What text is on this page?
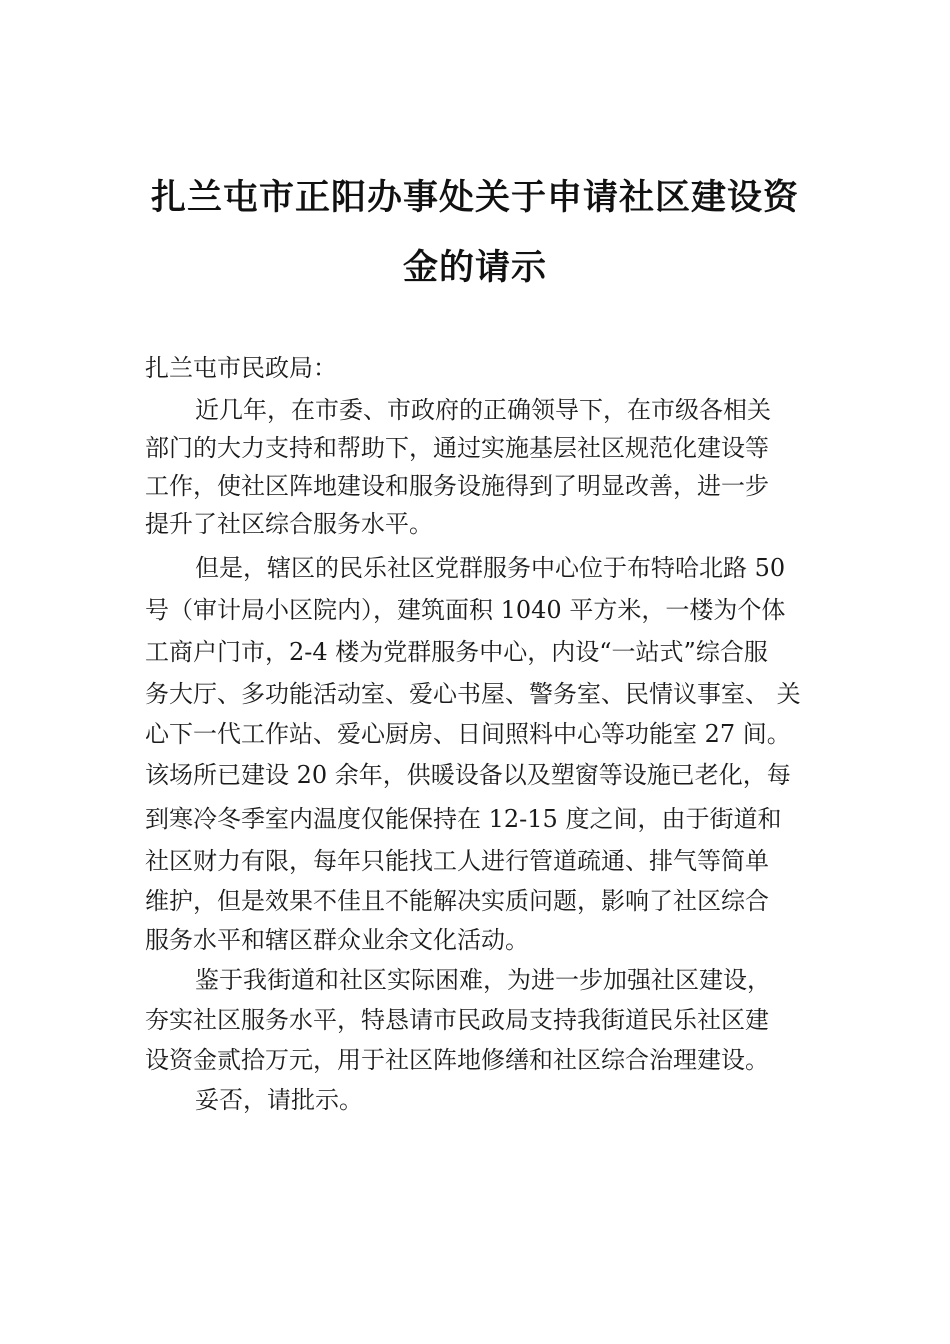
扎兰屯市正阳办事处关于申请社区建设资
金的请示
扎兰屯市民政局：
近几年，在市委、市政府的正确领导下，在市级各相关
部门的大力支持和帮助下，通过实施基层社区规范化建设等
工作，使社区阵地建设和服务设施得到了明显改善，进一步
提升了社区综合服务水平。
但是，辖区的民乐社区党群服务中心位于布特哈北路 50
号（审计局小区院内），建筑面积 1040 平方米，一楼为个体
工商户门市，2-4 楼为党群服务中心，内设“一站式”综合服
务大厅、多功能活动室、爱心书屋、警务室、民情议事室、 关
心下一代工作站、爱心厨房、日间照料中心等功能室 27 间。
该场所已建设 20 余年，供暖设备以及塑窗等设施已老化，每
到寒冷冬季室内温度仅能保持在 12-15 度之间，由于街道和
社区财力有限，每年只能找工人进行管道疏通、排气等简单
维护，但是效果不佳且不能解决实质问题，影响了社区综合
服务水平和辖区群众业余文化活动。
鉴于我街道和社区实际困难，为进一步加强社区建设，
夯实社区服务水平，特恳请市民政局支持我街道民乐社区建
设资金贰拾万元，用于社区阵地修缮和社区综合治理建设。
妥否，请批示。
